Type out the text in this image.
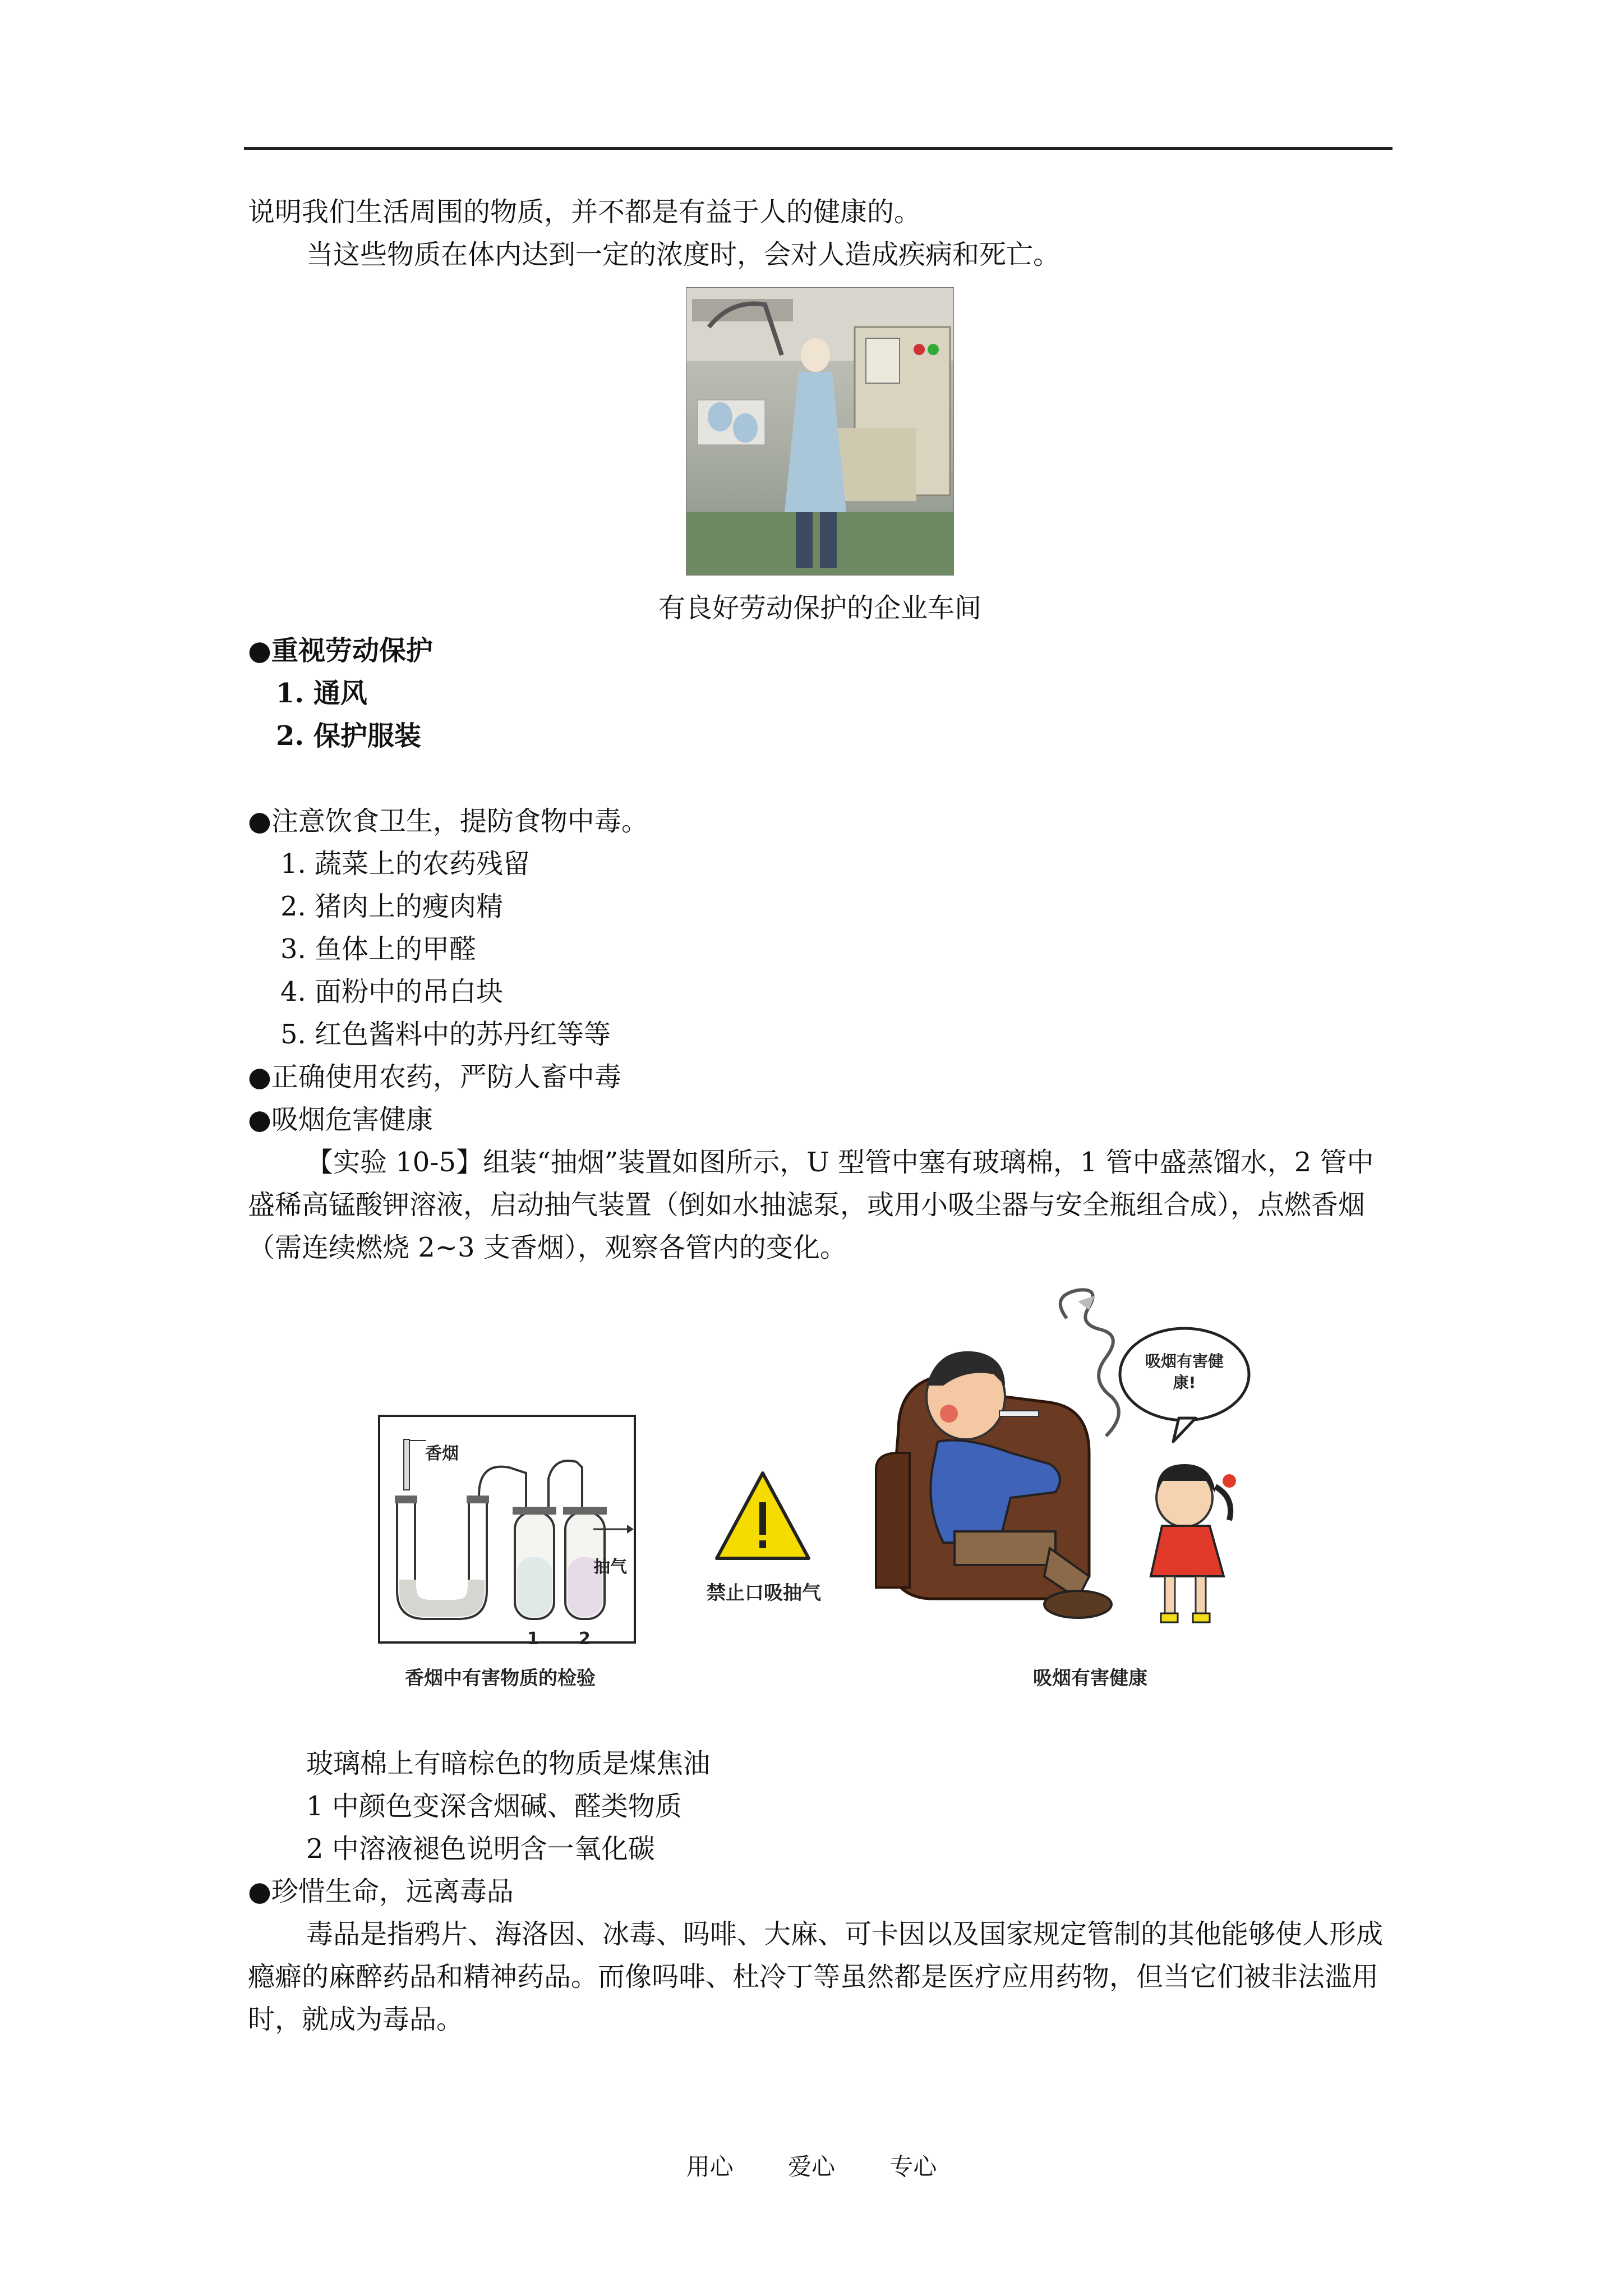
说明我们生活周围的物质，并不都是有益于人的健康的。

当这些物质在体内达到一定的浓度时，会对人造成疾病和死亡。

有良好劳动保护的企业车间

●重视劳动保护

1. 通风

2. 保护服装

●注意饮食卫生，提防食物中毒。

1. 蔬菜上的农药残留

2. 猪肉上的瘦肉精

3. 鱼体上的甲醛

4. 面粉中的吊白块

5. 红色酱料中的苏丹红等等

●正确使用农药，严防人畜中毒

●吸烟危害健康

【实验 10-5】组装“抽烟”装置如图所示，U 型管中塞有玻璃棉，1 管中盛蒸馏水，2 管中盛稀高锰酸钾溶液，启动抽气装置（倒如水抽滤泵，或用小吸尘器与安全瓶组合成），点燃香烟（需连续燃烧 2~3 支香烟），观察各管内的变化。

香烟
抽气
1 2
香烟中有害物质的检验
禁止口吸抽气
吸烟有害健康!
吸烟有害健康

玻璃棉上有暗棕色的物质是煤焦油

1 中颜色变深含烟碱、醛类物质

2 中溶液褪色说明含一氧化碳

●珍惜生命，远离毒品

毒品是指鸦片、海洛因、冰毒、吗啡、大麻、可卡因以及国家规定管制的其他能够使人形成瘾癖的麻醉药品和精神药品。而像吗啡、杜冷丁等虽然都是医疗应用药物，但当它们被非法滥用时，就成为毒品。

用心 爱心 专心
